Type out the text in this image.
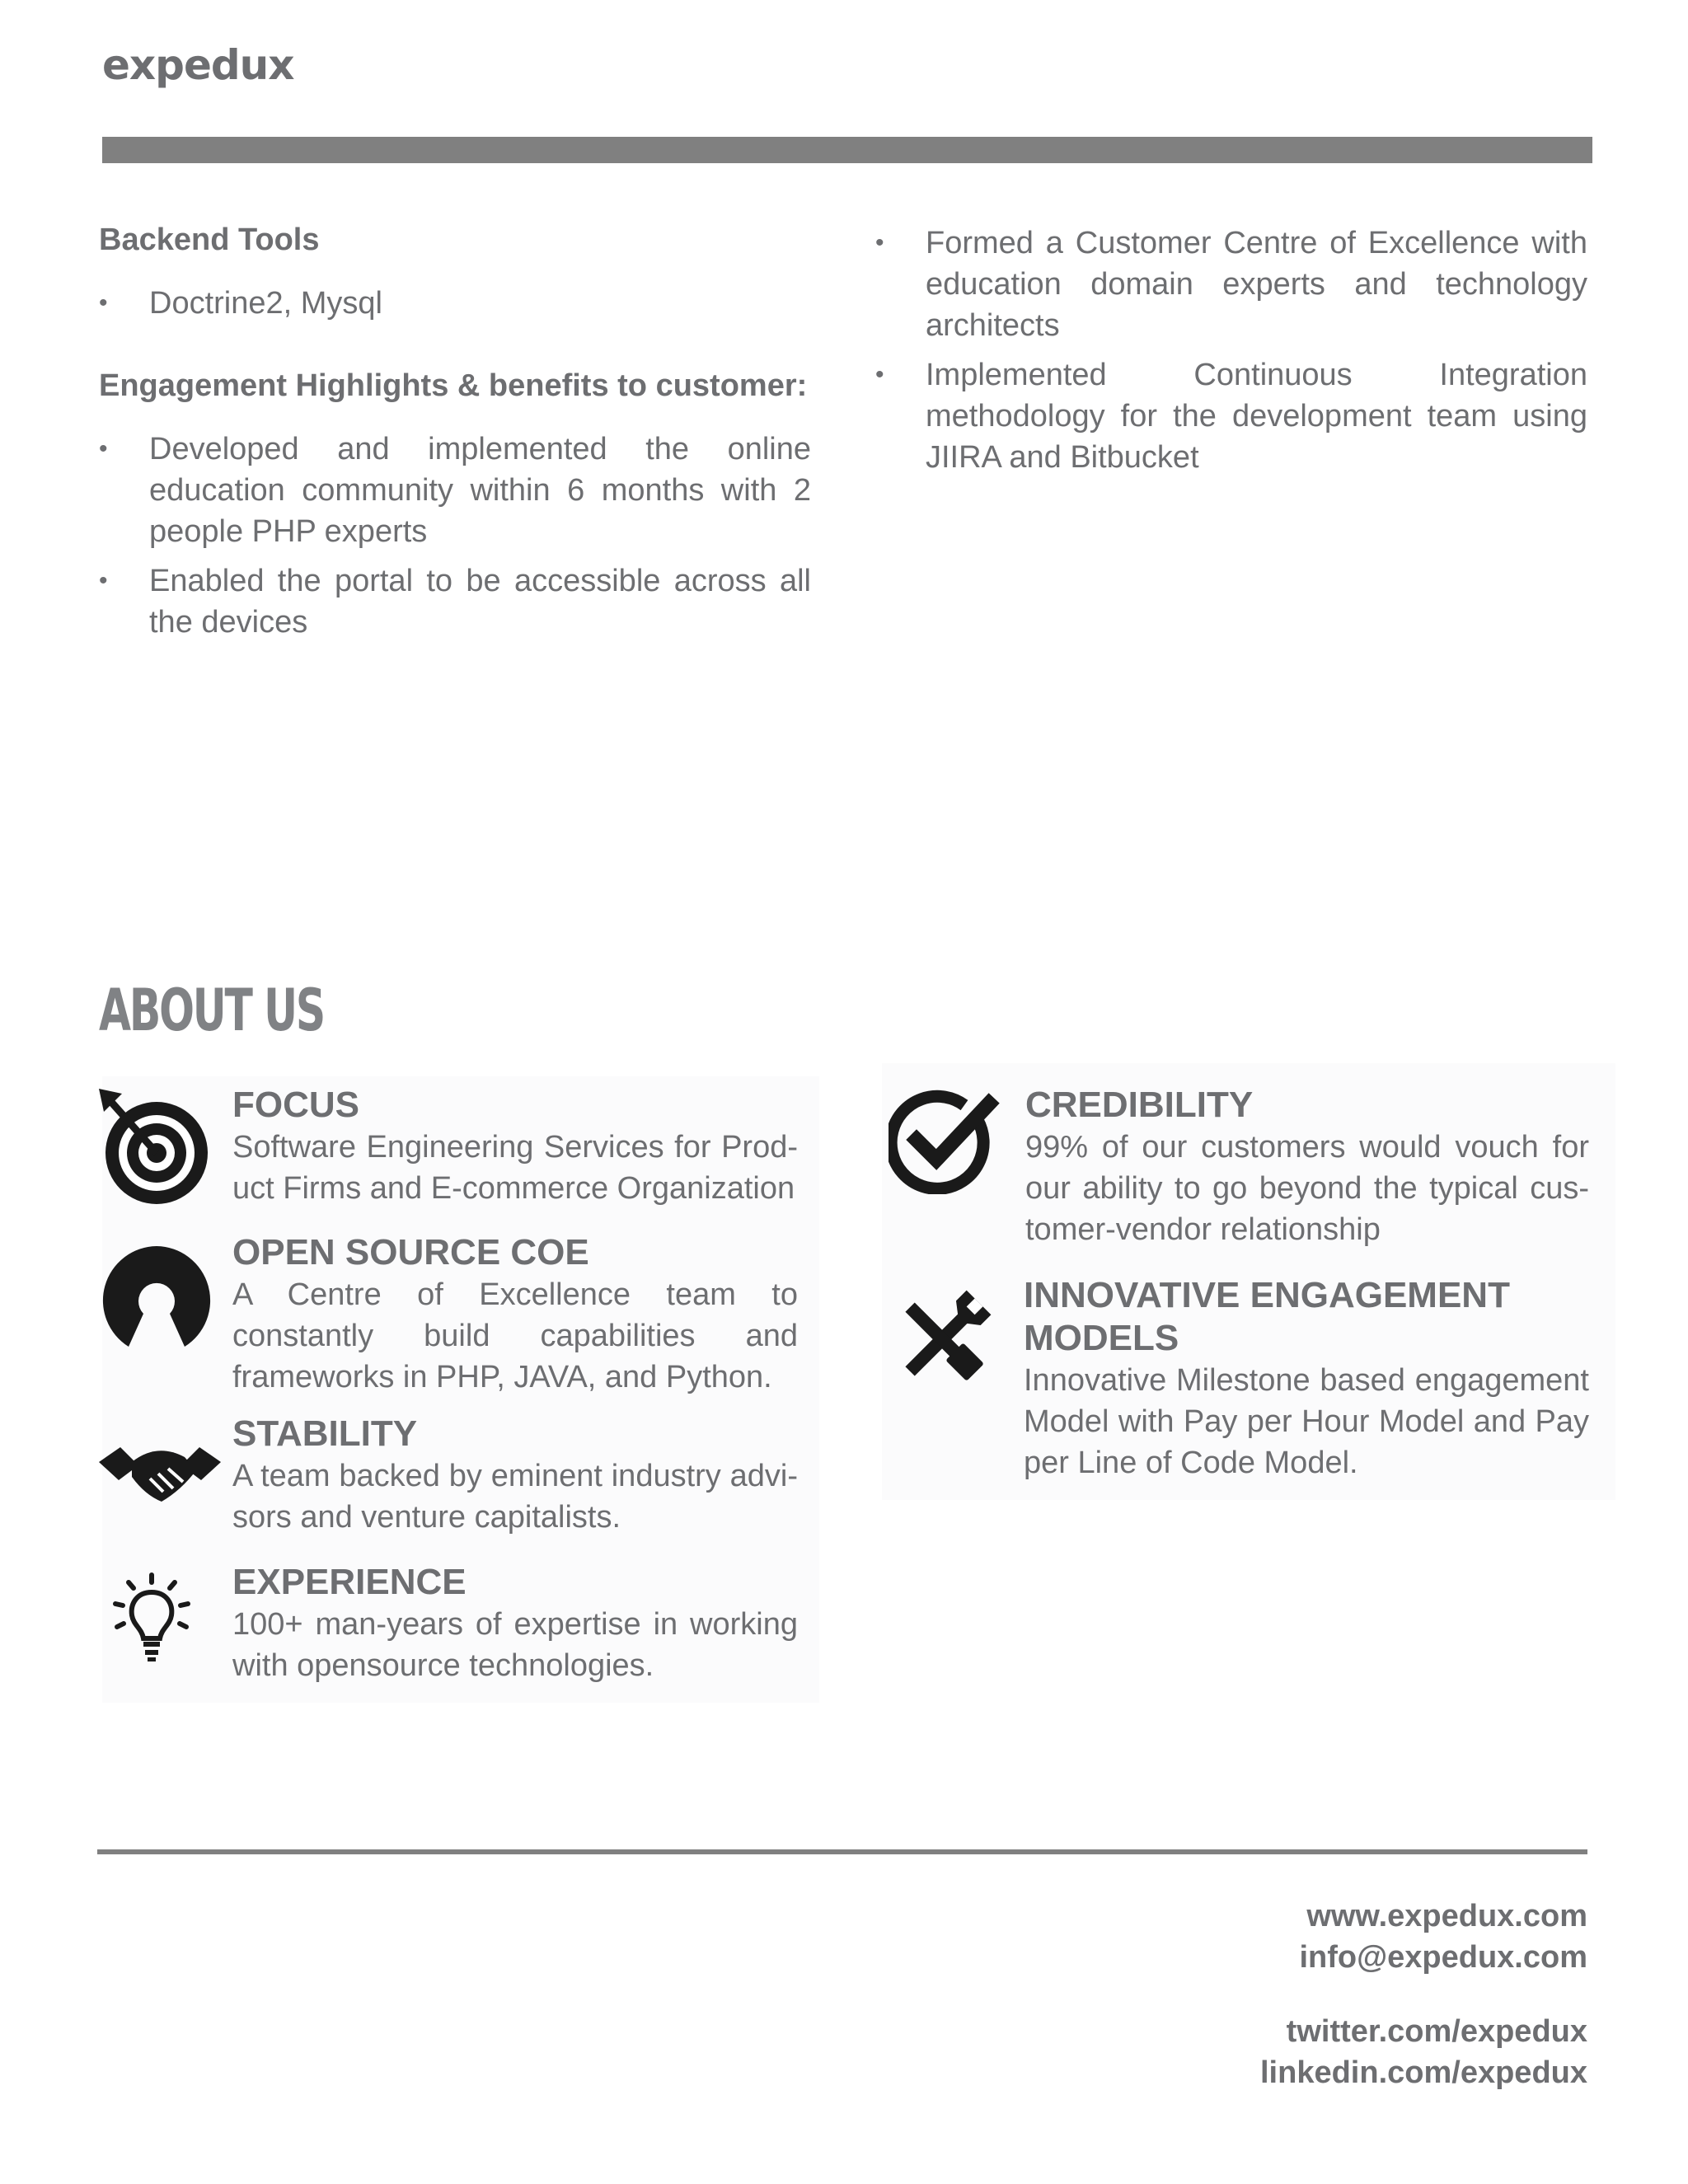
expedux
Backend Tools
• Doctrine2, Mysql
Engagement Highlights & benefits to customer:
• Developed and implemented the online education community within 6 months with 2 people PHP experts
• Enabled the portal to be accessible across all the devices
• Formed a Customer Centre of Excellence with education domain experts and technology architects
• Implemented Continuous Integration methodology for the development team using JIIRA and Bitbucket
ABOUT US

FOCUS

Software Engineering Services for Prod-uct Firms and E-commerce Organization

OPEN SOURCE COE

A Centre of Excellence team to constantly build capabilities and frameworks in PHP, JAVA, and Python.

STABILITY

A team backed by eminent industry advi-sors and venture capitalists.

EXPERIENCE

100+ man-years of expertise in working with opensource technologies.

CREDIBILITY

99% of our customers would vouch for our ability to go beyond the typical cus-tomer-vendor relationship

INNOVATIVE ENGAGEMENT MODELS

Innovative Milestone based engagement Model with Pay per Hour Model and Pay per Line of Code Model.

www.expedux.com
info@expedux.com
twitter.com/expedux
linkedin.com/expedux
